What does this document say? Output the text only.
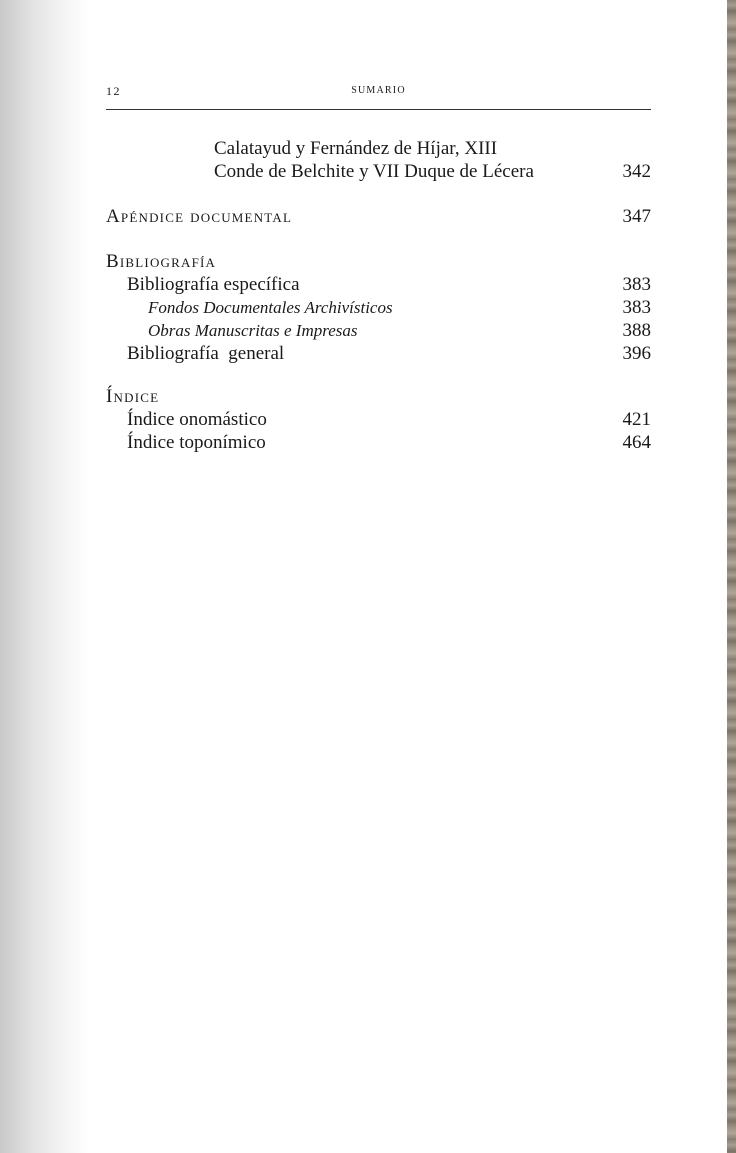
12	SUMARIO
Calatayud y Fernández de Híjar, XIII
Conde de Belchite y VII Duque de Lécera	342
Apéndice documental	347
Bibliografía
Bibliografía específica	383
Fondos Documentales Archivísticos	383
Obras Manuscritas e Impresas	388
Bibliografía  general	396
Índice
Índice onomástico	421
Índice toponímico	464
